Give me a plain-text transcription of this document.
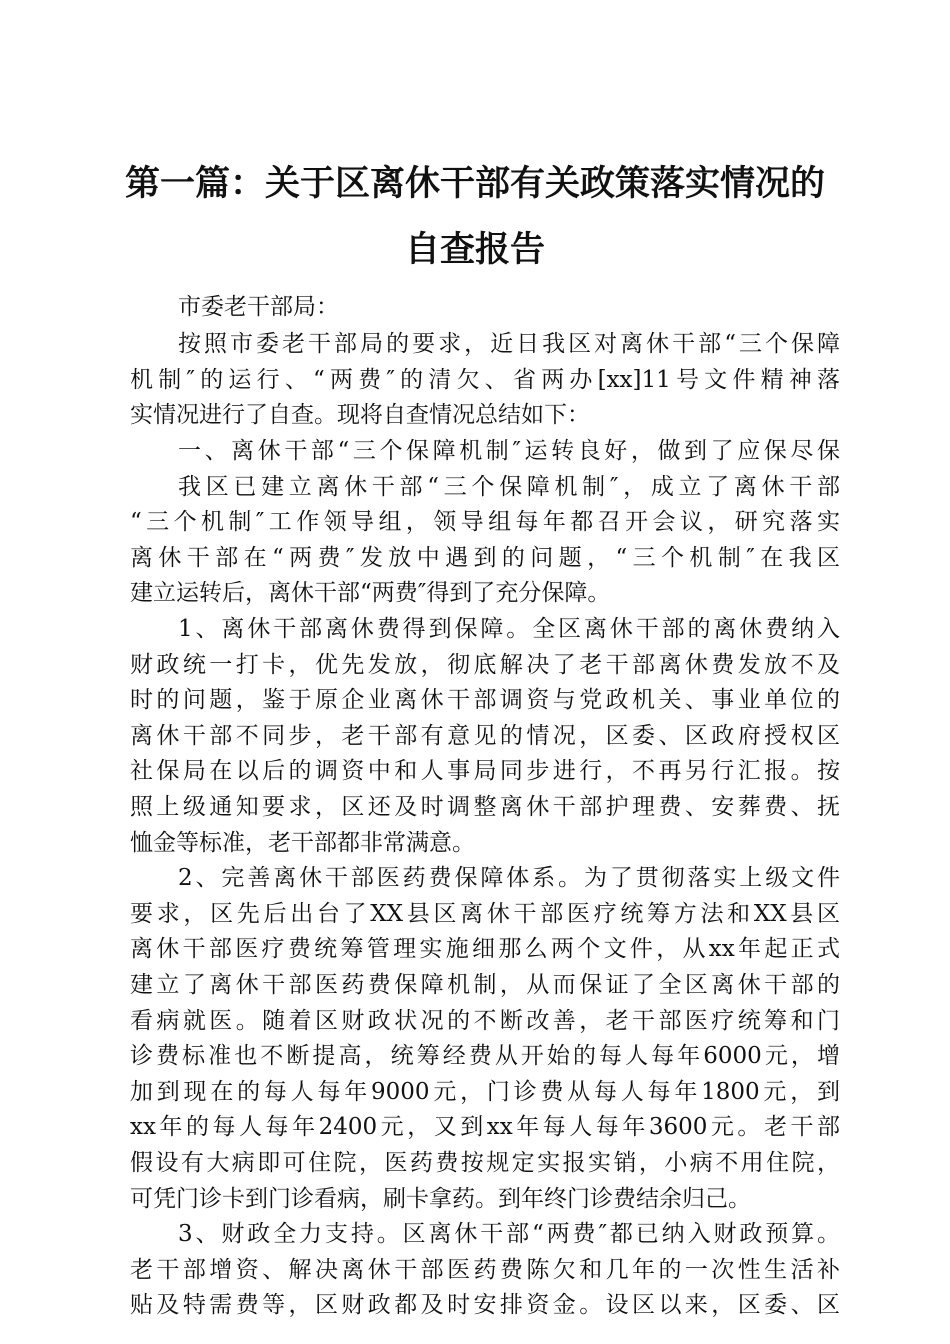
第一篇：关于区离休干部有关政策落实情况的
自查报告
市委老干部局：
按照市委老干部局的要求，近日我区对离休干部“三个保障
机制″的运行、“两费″的清欠、省两办[xx]11号文件精神落
实情况进行了自查。现将自查情况总结如下：
一、离休干部“三个保障机制″运转良好，做到了应保尽保
我区已建立离休干部“三个保障机制″，成立了离休干部
“三个机制″工作领导组，领导组每年都召开会议，研究落实
离休干部在“两费″发放中遇到的问题，“三个机制″在我区
建立运转后，离休干部“两费″得到了充分保障。
1、离休干部离休费得到保障。全区离休干部的离休费纳入
财政统一打卡，优先发放，彻底解决了老干部离休费发放不及
时的问题，鉴于原企业离休干部调资与党政机关、事业单位的
离休干部不同步，老干部有意见的情况，区委、区政府授权区
社保局在以后的调资中和人事局同步进行，不再另行汇报。按
照上级通知要求，区还及时调整离休干部护理费、安葬费、抚
恤金等标准，老干部都非常满意。
2、完善离休干部医药费保障体系。为了贯彻落实上级文件
要求，区先后出台了XX县区离休干部医疗统筹方法和XX县区
离休干部医疗费统筹管理实施细那么两个文件，从xx年起正式
建立了离休干部医药费保障机制，从而保证了全区离休干部的
看病就医。随着区财政状况的不断改善，老干部医疗统筹和门
诊费标准也不断提高，统筹经费从开始的每人每年6000元，增
加到现在的每人每年9000元，门诊费从每人每年1800元，到
xx年的每人每年2400元，又到xx年每人每年3600元。老干部
假设有大病即可住院，医药费按规定实报实销，小病不用住院，
可凭门诊卡到门诊看病，刷卡拿药。到年终门诊费结余归己。
3、财政全力支持。区离休干部“两费″都已纳入财政预算。
老干部增资、解决离休干部医药费陈欠和几年的一次性生活补
贴及特需费等，区财政都及时安排资金。设区以来，区委、区
